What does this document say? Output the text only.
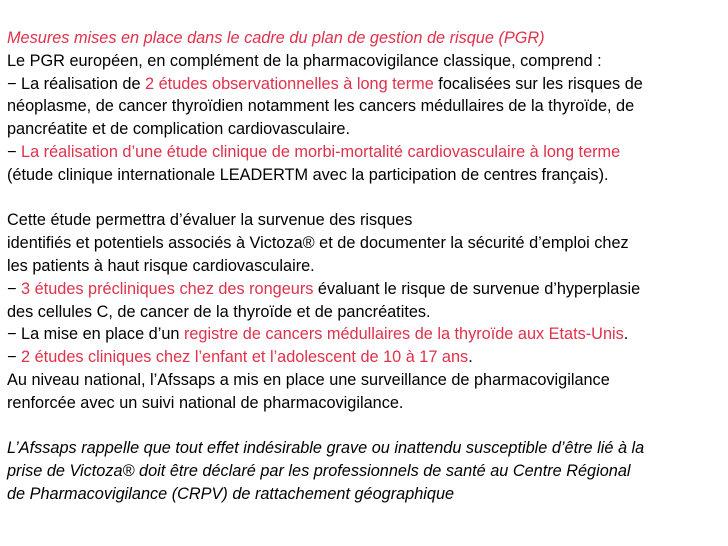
Mesures mises en place dans le cadre du plan de gestion de risque (PGR)
Le PGR européen, en complément de la pharmacovigilance classique, comprend :
− La réalisation de 2 études observationnelles à long terme focalisées sur les risques de
néoplasme, de cancer thyroïdien notamment les cancers médullaires de la thyroïde, de
pancréatite et de complication cardiovasculaire.
− La réalisation d’une étude clinique de morbi-mortalité cardiovasculaire à long terme
(étude clinique internationale LEADERTM avec la participation de centres français).
Cette étude permettra d’évaluer la survenue des risques
identifiés et potentiels associés à Victoza® et de documenter la sécurité d’emploi chez
les patients à haut risque cardiovasculaire.
− 3 études précliniques chez des rongeurs évaluant le risque de survenue d’hyperplasie
des cellules C, de cancer de la thyroïde et de pancréatites.
− La mise en place d’un registre de cancers médullaires de la thyroïde aux Etats-Unis.
− 2 études cliniques chez l’enfant et l’adolescent de 10 à 17 ans.
Au niveau national, l’Afssaps a mis en place une surveillance de pharmacovigilance
renforcée avec un suivi national de pharmacovigilance.
L’Afssaps rappelle que tout effet indésirable grave ou inattendu susceptible d’être lié à la
prise de Victoza® doit être déclaré par les professionnels de santé au Centre Régional
de Pharmacovigilance (CRPV) de rattachement géographique
